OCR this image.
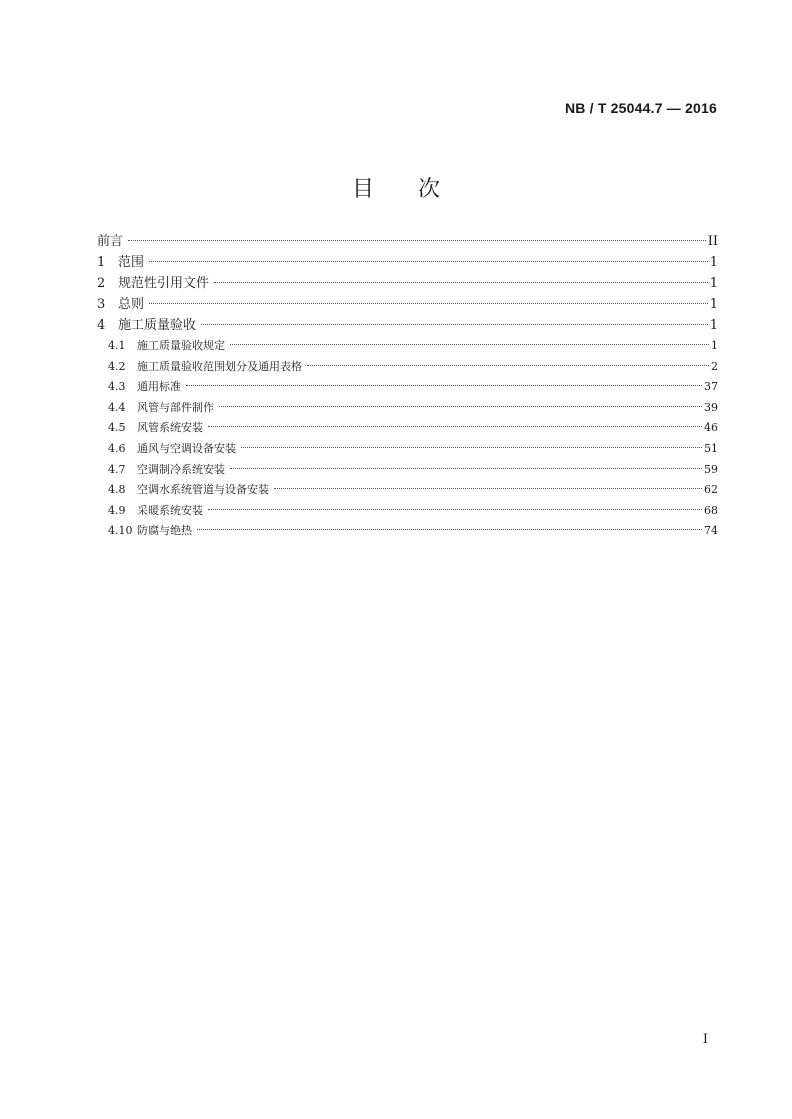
NB / T 25044.7 — 2016
目次
前言	II
1 范围	1
2 规范性引用文件	1
3 总则	1
4 施工质量验收	1
4.1	施工质量验收规定	1
4.2	施工质量验收范围划分及通用表格	2
4.3	通用标准	37
4.4	风管与部件制作	39
4.5	风管系统安装	46
4.6	通风与空调设备安装	51
4.7	空调制冷系统安装	59
4.8	空调水系统管道与设备安装	62
4.9	采暖系统安装	68
4.10 防腐与绝热	74
I
